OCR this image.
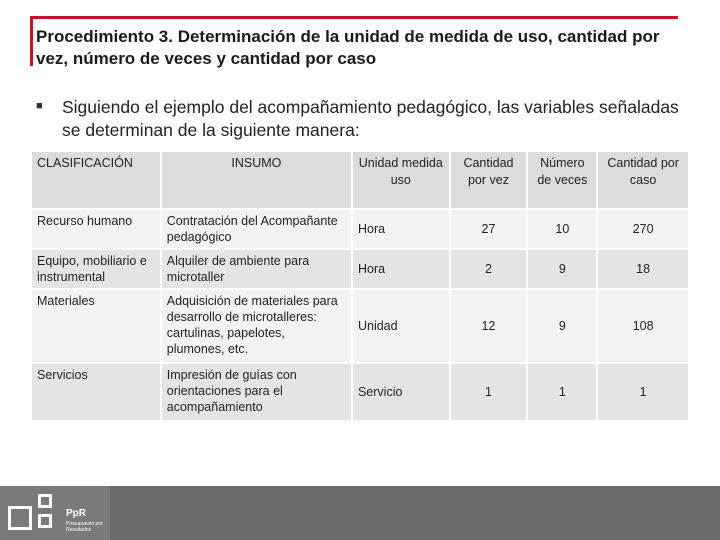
Procedimiento 3. Determinación de la unidad de medida de uso, cantidad por vez, número de veces y cantidad por caso
■	Siguiendo el ejemplo del acompañamiento pedagógico, las variables señaladas se determinan de la siguiente manera:
CLASIFICACIÓN	INSUMO	Unidad medida uso	Cantidad por vez	Número de veces	Cantidad por caso
Recurso humano	Contratación del Acompañante pedagógico	Hora	27	10	270
Equipo, mobiliario e instrumental	Alquiler de ambiente para microtaller	Hora	2	9	18
Materiales	Adquisición de materiales para desarrollo de microtalleres: cartulinas, papelotes, plumones, etc.	Unidad	12	9	108
Servicios	Impresión de guías con orientaciones para el acompañamiento	Servicio	1	1	1
PpR
Presupuesto por Resultados
